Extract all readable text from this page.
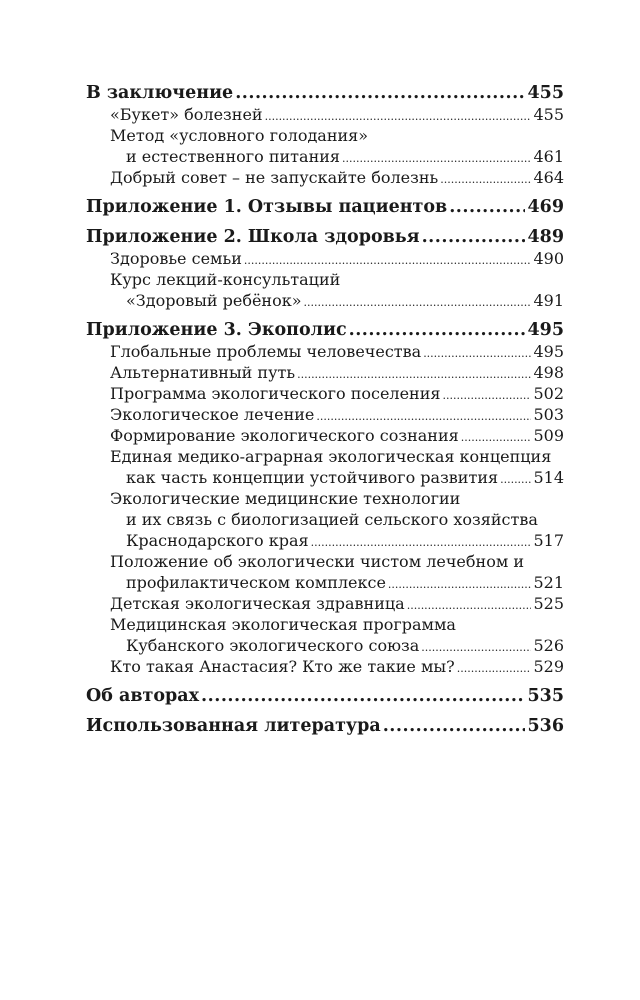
В заключение .....	455
«Букет» болезней .....	455
Метод «условного голодания»
и естественного питания .....	461
Добрый совет – не запускайте болезнь .....	464
Приложение 1. Отзывы пациентов .....	469
Приложение 2. Школа здоровья .....	489
Здоровье семьи .....	490
Курс лекций-консультаций
«Здоровый ребёнок» .....	491
Приложение 3. Экополис .....	495
Глобальные проблемы человечества .....	495
Альтернативный путь .....	498
Программа экологического поселения .....	502
Экологическое лечение .....	503
Формирование экологического сознания .....	509
Единая медико-аграрная экологическая концепция
как часть концепции устойчивого развития ..... 514
Экологические медицинские технологии
и их связь с биологизацией сельского хозяйства
Краснодарского края .....	517
Положение об экологически чистом лечебном и
профилактическом комплексе .....	521
Детская экологическая здравница .....	525
Медицинская экологическая программа
Кубанского экологического союза .....	526
Кто такая Анастасия? Кто же такие мы? .....	529
Об авторах .....	535
Использованная литература .....	536
